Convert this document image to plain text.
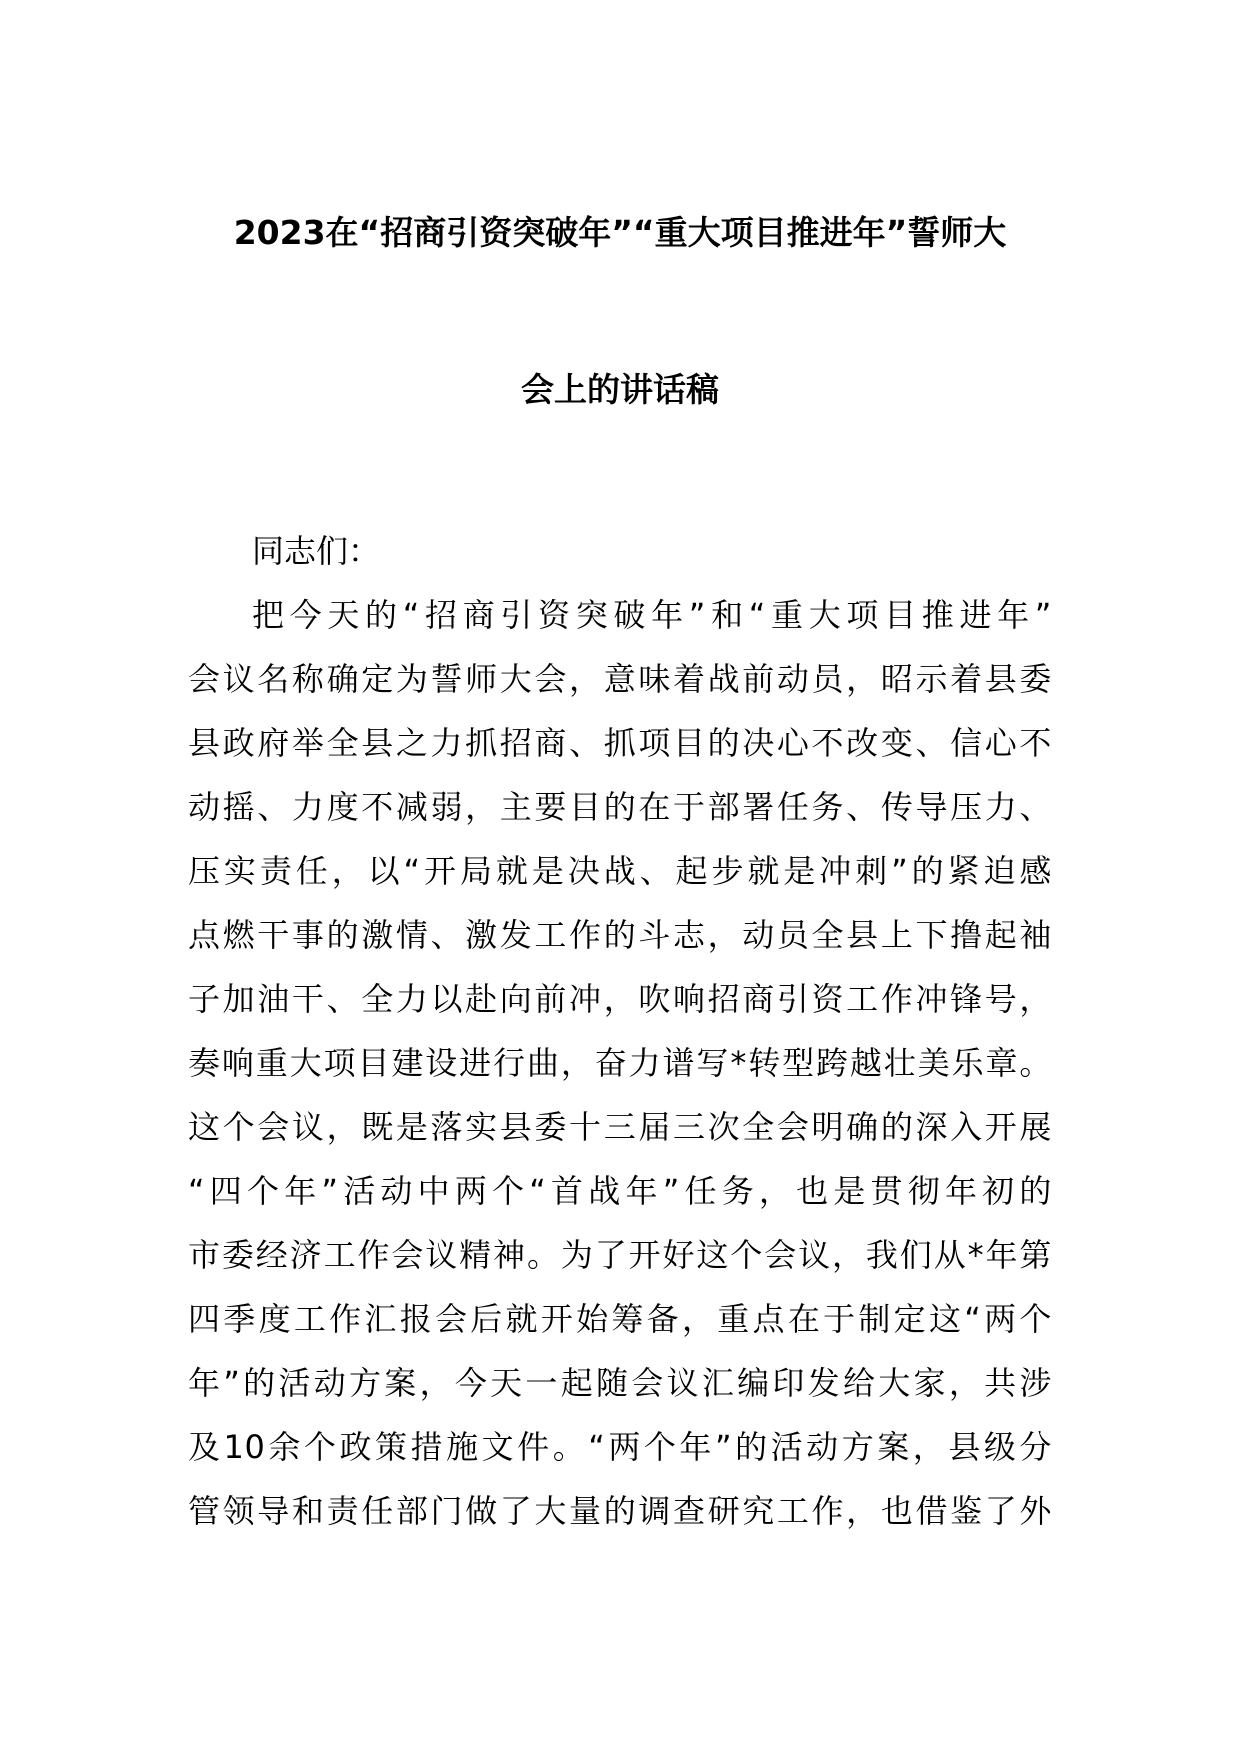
2023在“招商引资突破年”“重大项目推进年”誓师大
会上的讲话稿
同志们：
把今天的“招商引资突破年”和“重大项目推进年”
会议名称确定为誓师大会，意味着战前动员，昭示着县委
县政府举全县之力抓招商、抓项目的决心不改变、信心不
动摇、力度不减弱，主要目的在于部署任务、传导压力、
压实责任，以“开局就是决战、起步就是冲刺”的紧迫感
点燃干事的激情、激发工作的斗志，动员全县上下撸起袖
子加油干、全力以赴向前冲，吹响招商引资工作冲锋号，
奏响重大项目建设进行曲，奋力谱写*转型跨越壮美乐章。
这个会议，既是落实县委十三届三次全会明确的深入开展
“四个年”活动中两个“首战年”任务，也是贯彻年初的
市委经济工作会议精神。为了开好这个会议，我们从*年第
四季度工作汇报会后就开始筹备，重点在于制定这“两个
年”的活动方案，今天一起随会议汇编印发给大家，共涉
及10余个政策措施文件。“两个年”的活动方案，县级分
管领导和责任部门做了大量的调查研究工作，也借鉴了外
